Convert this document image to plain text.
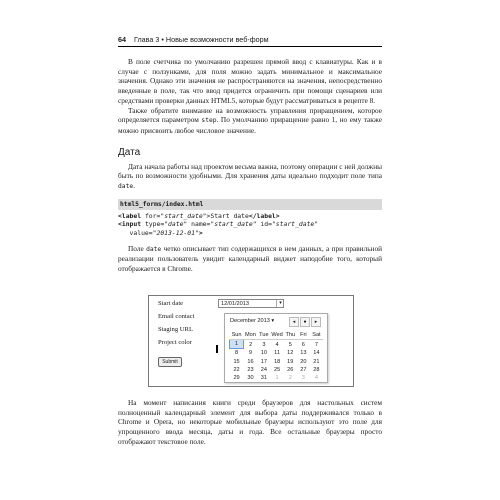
64 Глава 3 • Новые возможности веб-форм

В поле счетчика по умолчанию разрешен прямой ввод с клавиатуры. Как и в случае с ползунками, для поля можно задать минимальное и максимальное значения. Однако эти значения не распространяются на значения, непосредственно введенные в поле, так что ввод придется ограничить при помощи сценариев или средствами проверки данных HTML5, которые будут рассматриваться в рецепте 8.

Также обратите внимание на возможность управления приращением, которое определяется параметром step. По умолчанию приращение равно 1, но ему также можно присвоить любое числовое значение.

Дата

Дата начала работы над проектом весьма важна, поэтому операции с ней должны быть по возможности удобными. Для хранения даты идеально подходит поле типа date.

html5_forms/index.html
<label for="start_date">Start date</label>
<input type="date" name="start_date" id="start_date"
value="2013-12-01">

Поле date четко описывает тип содержащихся в нем данных, а при правильной реализации пользователь увидит календарный виджет наподобие того, который отображается в Chrome.

Start date
Email contact
Staging URL
Project color
12/01/2013	▾
Submit
December 2013 ▾	◂	●	▸
Sun	Mon	Tue	Wed	Thu	Fri	Sat
1	2	3	4	5	6	7
8	9	10	11	12	13	14
15	16	17	18	19	20	21
22	23	24	25	26	27	28
29	30	31	1	2	3	4

На момент написания книги среди браузеров для настольных систем полноценный календарный элемент для выбора даты поддерживался только в Chrome и Opera, но некоторые мобильные браузеры используют это поле для упрощенного ввода месяца, даты и года. Все остальные браузеры просто отображают текстовое поле.
